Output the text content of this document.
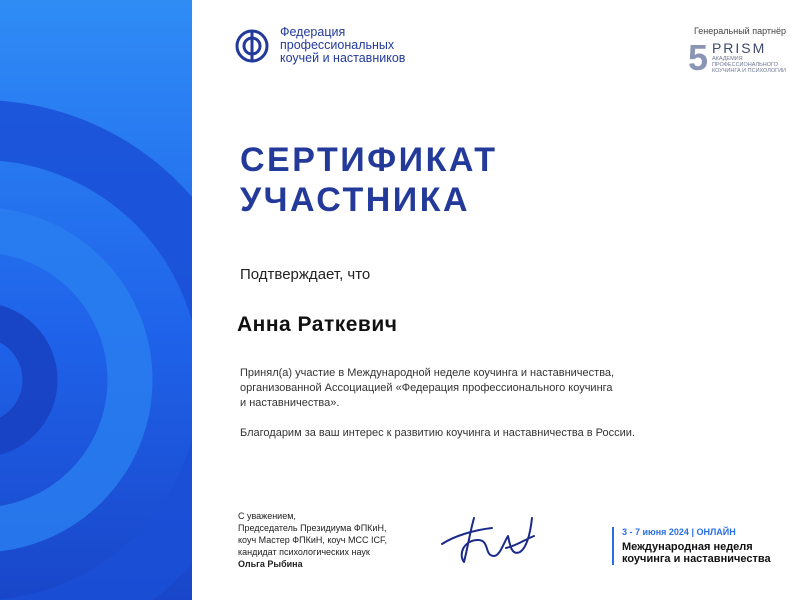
Федерация
профессиональных
коучей и наставников
Генеральный партнёр
5 PRISM
АКАДЕМИЯ
ПРОФЕССИОНАЛЬНОГО
КОУЧИНГА И ПСИХОЛОГИИ
СЕРТИФИКАТ
УЧАСТНИКА
Подтверждает, что
Анна Раткевич

Принял(а) участие в Международной неделе коучинга и наставничества,

организованной Ассоциацией «Федерация профессионального коучинга

и наставничества».

Благодарим за ваш интерес к развитию коучинга и наставничества в России.
С уважением,
Председатель Президиума ФПКиН,
коуч Мастер ФПКиН, коуч MCC ICF,
кандидат психологических наук
Ольга Рыбина
3 - 7 июня 2024 | ОНЛАЙН
Международная неделя
коучинга и наставничества
